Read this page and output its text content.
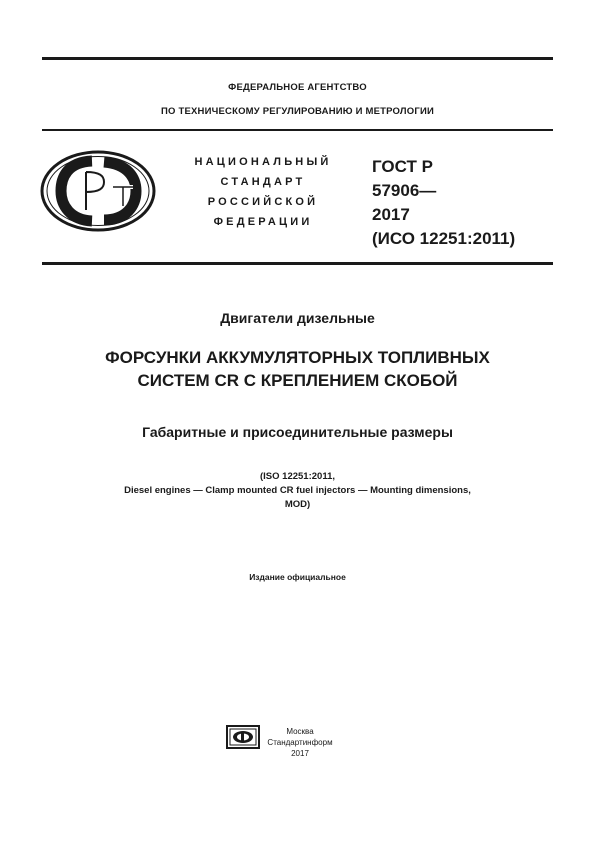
ФЕДЕРАЛЬНОЕ АГЕНТСТВО
ПО ТЕХНИЧЕСКОМУ РЕГУЛИРОВАНИЮ И МЕТРОЛОГИИ
НАЦИОНАЛЬНЫЙ
СТАНДАРТ
РОССИЙСКОЙ
ФЕДЕРАЦИИ
ГОСТ Р
57906—
2017
(ИСО 12251:2011)
Двигатели дизельные
ФОРСУНКИ АККУМУЛЯТОРНЫХ ТОПЛИВНЫХ
СИСТЕМ CR С КРЕПЛЕНИЕМ СКОБОЙ
Габаритные и присоединительные размеры
(ISO 12251:2011,
Diesel engines — Clamp mounted CR fuel injectors — Mounting dimensions,
MOD)
Издание официальное
Москва
Стандартинформ
2017
